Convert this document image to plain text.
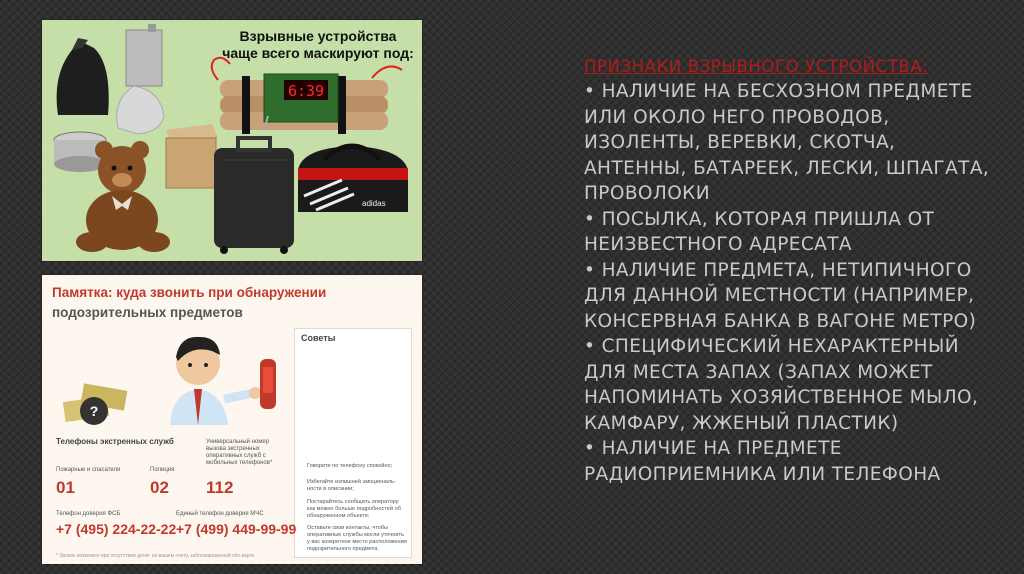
6:39
adidas
Взрывные устройства
чаще всего маскируют под:
Памятка: куда звонить при обнаружении
подозрительных предметов
?
Советы
Говорите по телефону спокойно;
Избегайте излишней эмоциональ-ности в описании;
Постарайтесь сообщить оператору как можно больше подробностей об обнаруженном объекте;
Оставьте свои контакты, чтобы оперативные службы могли уточнить у вас конкретное место расположения подозрительного предмета.
Телефоны экстренных служб
Пожарные и спасатели
01
Полиция
02
Универсальный номер вызова экстренных оперативных служб с мобильных телефонов*
112
Телефон доверия ФСБ
+7 (495) 224-22-22
Единый телефон доверия МЧС
+7 (499) 449-99-99
* Звонок возможен при отсутствии денег на вашем счету, заблокированной sim-карте
ПРИЗНАКИ ВЗРЫВНОГО УСТРОЙСТВА:
• НАЛИЧИЕ НА БЕСХОЗНОМ ПРЕДМЕТЕ ИЛИ ОКОЛО НЕГО ПРОВОДОВ, ИЗОЛЕНТЫ, ВЕРЕВКИ, СКОТЧА, АНТЕННЫ, БАТАРЕЕК, ЛЕСКИ, ШПАГАТА, ПРОВОЛОКИ
• ПОСЫЛКА, КОТОРАЯ ПРИШЛА ОТ НЕИЗВЕСТНОГО АДРЕСАТА
• НАЛИЧИЕ ПРЕДМЕТА, НЕТИПИЧНОГО ДЛЯ ДАННОЙ МЕСТНОСТИ (НАПРИМЕР, КОНСЕРВНАЯ БАНКА В ВАГОНЕ МЕТРО)
• СПЕЦИФИЧЕСКИЙ НЕХАРАКТЕРНЫЙ ДЛЯ МЕСТА ЗАПАХ (ЗАПАХ МОЖЕТ НАПОМИНАТЬ ХОЗЯЙСТВЕННОЕ МЫЛО, КАМФАРУ, ЖЖЕНЫЙ ПЛАСТИК)
• НАЛИЧИЕ НА ПРЕДМЕТЕ РАДИОПРИЕМНИКА ИЛИ ТЕЛЕФОНА
